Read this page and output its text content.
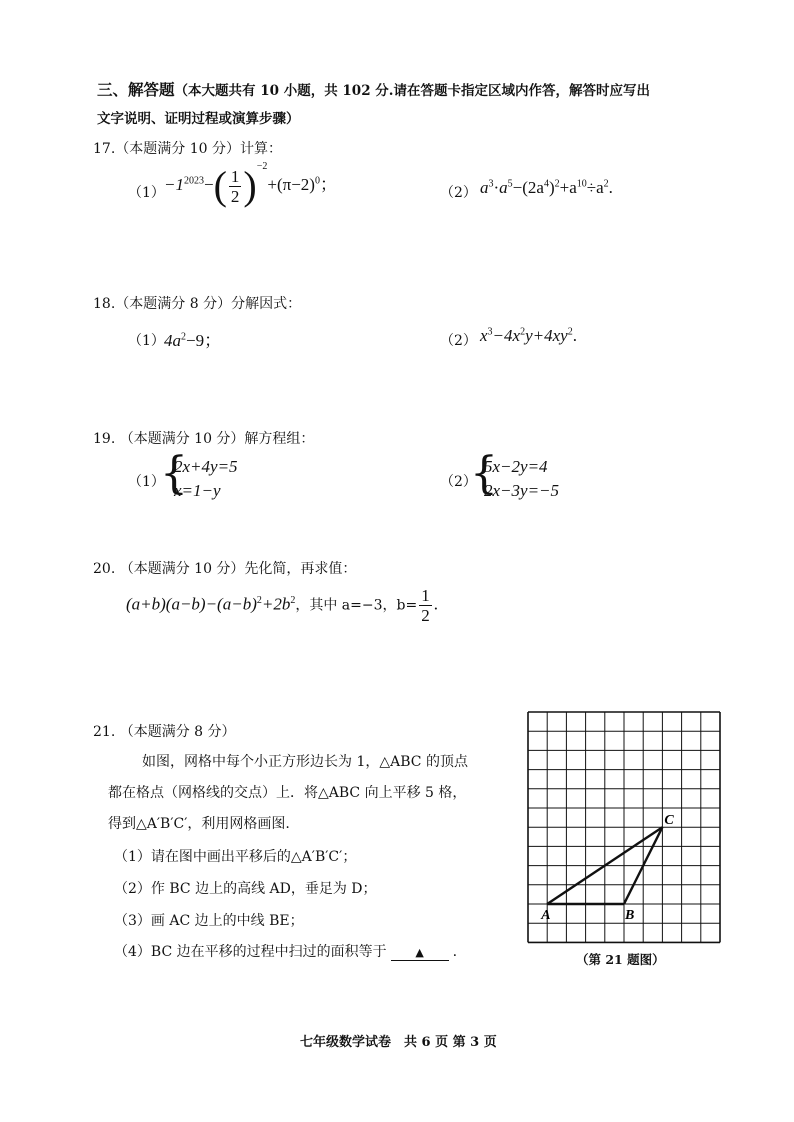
三、解答题（本大题共有 10 小题，共 102 分.请在答题卡指定区域内作答，解答时应写出
文字说明、证明过程或演算步骤）
17.（本题满分 10 分）计算：
$(1) -1^{2023}-( \frac{1}{2} )^{-2}+(\pi-2)^0$；	（2） $a^3\cdot a^5-(2a^4)^2+a^{10}\div a^2$.
18.（本题满分 8 分）分解因式：
（1） $4a^2-9$；	（2） $x^3-4x^2y+4xy^2$.
19. （本题满分 10 分）解方程组：
（1）
{
2x+4y=5
x=1−y	（2）
{
5x−2y=4
2x−3y=−5
20. （本题满分 10 分）先化简，再求值：
$(a+b)(a-b)-(a-b)^2+2b^2$，其中 a=−3，$b= \frac{1}{2}$ .
21. （本题满分 8 分）
如图，网格中每个小正方形边长为 1，△ABC 的顶点
都在格点（网格线的交点）上．将△ABC 向上平移 5 格，
得到△A′B′C′，利用网格画图.
（1）请在图中画出平移后的△A′B′C′；
（2）作 BC 边上的高线 AD，垂足为 D；
（3）画 AC 边上的中线 BE；
（4）BC 边在平移的过程中扫过的面积等于	▲ .
A	B
C
（第 21 题图）
七年级数学试卷　共 6 页 第 3 页
